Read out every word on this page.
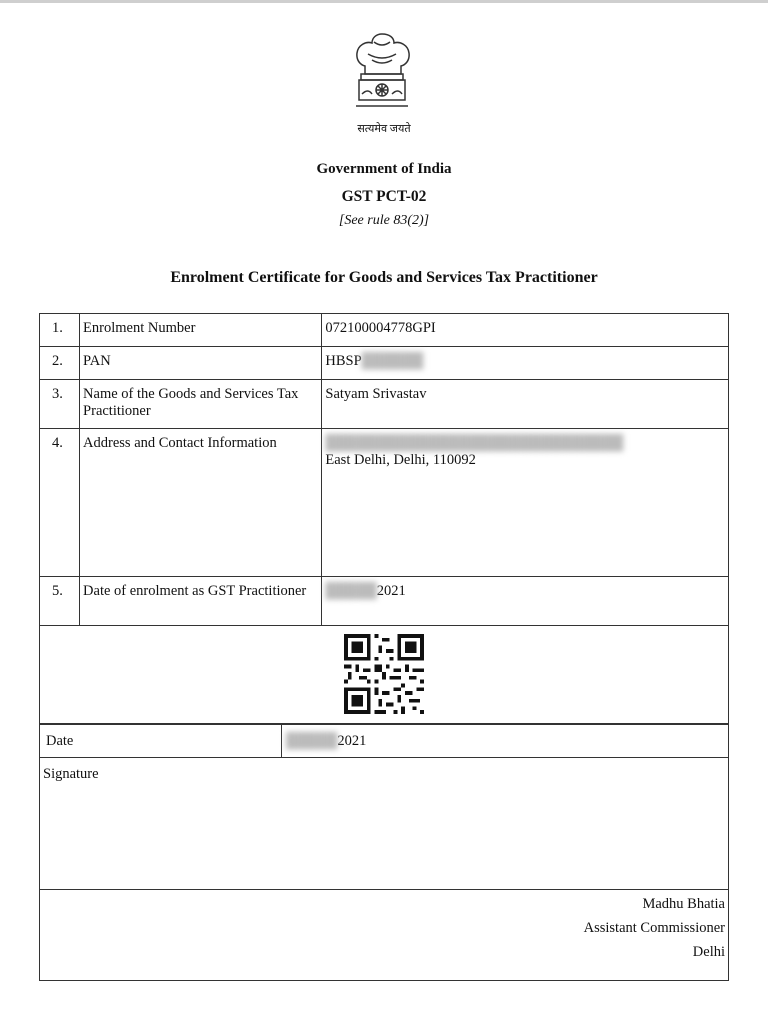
सत्यमेव जयते
Government of India
GST PCT-02
[See rule 83(2)]
Enrolment Certificate for Goods and Services Tax Practitioner
1.	Enrolment Number	072100004778GPI
2.	PAN	HBSP██████
3.	Name of the Goods and Services Tax Practitioner	Satyam Srivastav
4.	Address and Contact Information	█████████████████████████████
East Delhi, Delhi, 110092

5.	Date of enrolment as GST Practitioner	█████2021

Date	█████2021
Signature

Madhu Bhatia
Assistant Commissioner
Delhi
